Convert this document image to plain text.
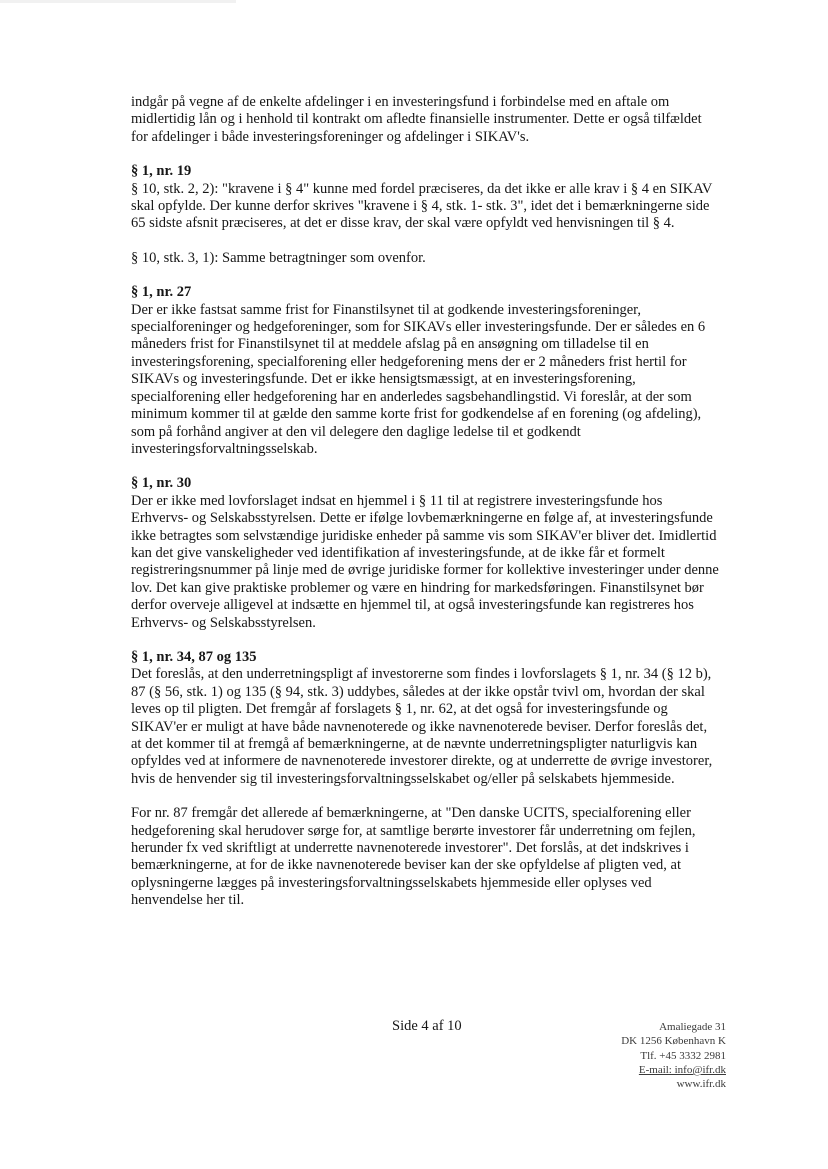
indgår på vegne af de enkelte afdelinger i en investeringsfund i forbindelse med en aftale om midlertidig lån og i henhold til kontrakt om afledte finansielle instrumenter. Dette er også tilfældet for afdelinger i både investeringsforeninger og afdelinger i SIKAV's.

§ 1, nr. 19

§ 10, stk. 2, 2): "kravene i § 4" kunne med fordel præciseres, da det ikke er alle krav i § 4 en SIKAV skal opfylde. Der kunne derfor skrives "kravene i § 4, stk. 1- stk. 3", idet det i bemærkningerne side 65 sidste afsnit præciseres, at det er disse krav, der skal være opfyldt ved henvisningen til § 4.

§ 10, stk. 3, 1): Samme betragtninger som ovenfor.

§ 1, nr. 27

Der er ikke fastsat samme frist for Finanstilsynet til at godkende investeringsforeninger, specialforeninger og hedgeforeninger, som for SIKAVs eller investeringsfunde. Der er således en 6 måneders frist for Finanstilsynet til at meddele afslag på en ansøgning om tilladelse til en investeringsforening, specialforening eller hedgeforening mens der er 2 måneders frist hertil for SIKAVs og investeringsfunde. Det er ikke hensigtsmæssigt, at en investeringsforening, specialforening eller hedgeforening har en anderledes sagsbehandlingstid. Vi foreslår, at der som minimum kommer til at gælde den samme korte frist for godkendelse af en forening (og afdeling), som på forhånd angiver at den vil delegere den daglige ledelse til et godkendt investeringsforvaltningsselskab.

§ 1, nr. 30

Der er ikke med lovforslaget indsat en hjemmel i § 11 til at registrere investeringsfunde hos Erhvervs- og Selskabsstyrelsen. Dette er ifølge lovbemærkningerne en følge af, at investeringsfunde ikke betragtes som selvstændige juridiske enheder på samme vis som SIKAV'er bliver det. Imidlertid kan det give vanskeligheder ved identifikation af investeringsfunde, at de ikke får et formelt registreringsnummer på linje med de øvrige juridiske former for kollektive investeringer under denne lov. Det kan give praktiske problemer og være en hindring for markedsføringen. Finanstilsynet bør derfor overveje alligevel at indsætte en hjemmel til, at også investeringsfunde kan registreres hos Erhvervs- og Selskabsstyrelsen.

§ 1, nr. 34, 87 og 135

Det foreslås, at den underretningspligt af investorerne som findes i lovforslagets § 1, nr. 34 (§ 12 b), 87 (§ 56, stk. 1) og 135 (§ 94, stk. 3) uddybes, således at der ikke opstår tvivl om, hvordan der skal leves op til pligten. Det fremgår af forslagets § 1, nr. 62, at det også for investeringsfunde og SIKAV'er er muligt at have både navnenoterede og ikke navnenoterede beviser. Derfor foreslås det, at det kommer til at fremgå af bemærkningerne, at de nævnte underretningspligter naturligvis kan opfyldes ved at informere de navnenoterede investorer direkte, og at underrette de øvrige investorer, hvis de henvender sig til investeringsforvaltningsselskabet og/eller på selskabets hjemmeside.

For nr. 87 fremgår det allerede af bemærkningerne, at "Den danske UCITS, specialforening eller hedgeforening skal herudover sørge for, at samtlige berørte investorer får underretning om fejlen, herunder fx ved skriftligt at underrette navnenoterede investorer". Det forslås, at det indskrives i bemærkningerne, at for de ikke navnenoterede beviser kan der ske opfyldelse af pligten ved, at oplysningerne lægges på investeringsforvaltningsselskabets hjemmeside eller oplyses ved henvendelse her til.

Side 4 af 10	Amaliegade 31
DK 1256 København K
Tlf. +45 3332 2981
E-mail: info@ifr.dk
www.ifr.dk
